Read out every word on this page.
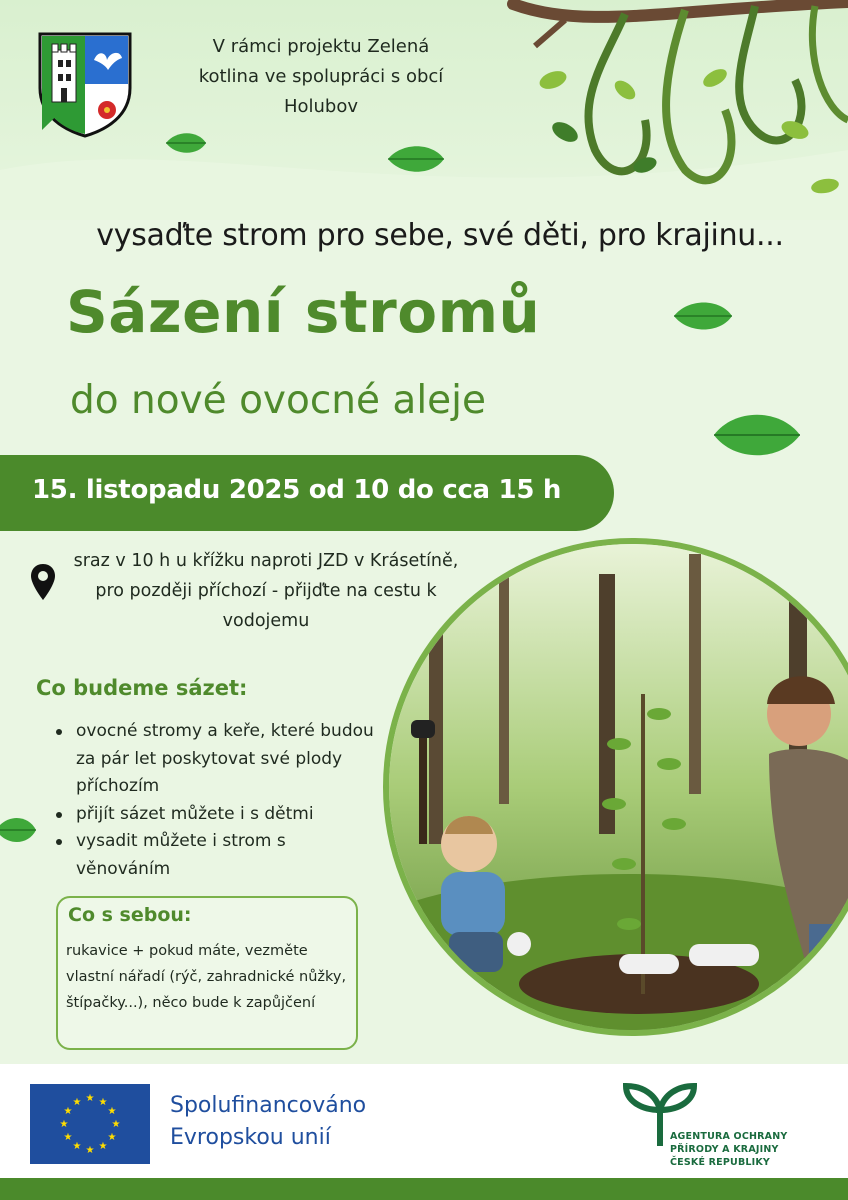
V rámci projektu Zelená kotlina ve spolupráci s obcí Holubov
vysaďte strom pro sebe, své děti, pro krajinu...
Sázení stromů
do nové ovocné aleje
15. listopadu 2025 od 10 do cca 15 h
sraz v 10 h u křížku naproti JZD v Krásetíně, pro později příchozí - přijďte na cestu k vodojemu
Co budeme sázet:
ovocné stromy a keře, které budou za pár let poskytovat své plody příchozím
přijít sázet můžete i s dětmi
vysadit můžete i strom s věnováním
Co s sebou:
rukavice + pokud máte, vezměte vlastní nářadí (rýč, zahradnické nůžky, štípačky...), něco bude k zapůjčení
★ ★
★
★
★
★
★
★
★
★
★
★	Spolufinancováno
Evropskou unií	AGENTURA OCHRANY
PŘÍRODY A KRAJINY
ČESKÉ REPUBLIKY
